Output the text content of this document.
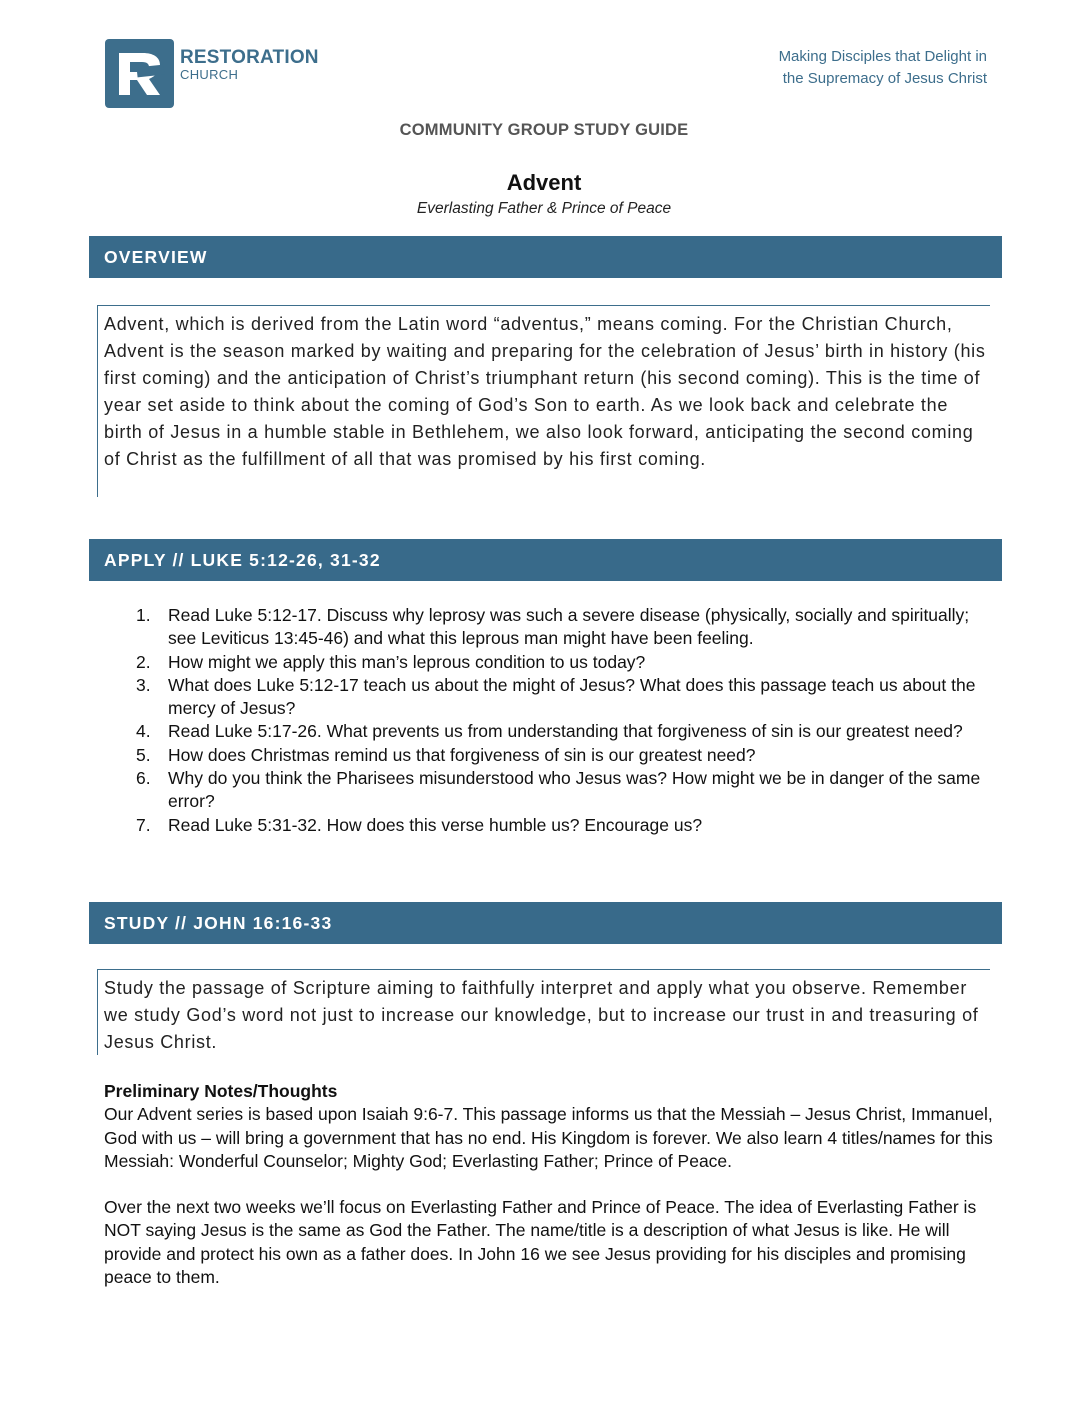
RESTORATION
CHURCH
Making Disciples that Delight in
the Supremacy of Jesus Christ
COMMUNITY GROUP STUDY GUIDE
Advent
Everlasting Father & Prince of Peace
OVERVIEW
Advent, which is derived from the Latin word “adventus,” means coming. For the Christian Church, Advent is the season marked by waiting and preparing for the celebration of Jesus’ birth in history (his first coming) and the anticipation of Christ’s triumphant return (his second coming). This is the time of year set aside to think about the coming of God’s Son to earth. As we look back and celebrate the birth of Jesus in a humble stable in Bethlehem, we also look forward, anticipating the second coming of Christ as the fulfillment of all that was promised by his first coming.
APPLY // LUKE 5:12-26, 31-32
1. Read Luke 5:12-17. Discuss why leprosy was such a severe disease (physically, socially and spiritually; see Leviticus 13:45-46) and what this leprous man might have been feeling.
2. How might we apply this man’s leprous condition to us today?
3. What does Luke 5:12-17 teach us about the might of Jesus? What does this passage teach us about the mercy of Jesus?
4. Read Luke 5:17-26. What prevents us from understanding that forgiveness of sin is our greatest need?
5. How does Christmas remind us that forgiveness of sin is our greatest need?
6. Why do you think the Pharisees misunderstood who Jesus was? How might we be in danger of the same error?
7. Read Luke 5:31-32. How does this verse humble us? Encourage us?
STUDY // JOHN 16:16-33
Study the passage of Scripture aiming to faithfully interpret and apply what you observe. Remember we study God’s word not just to increase our knowledge, but to increase our trust in and treasuring of Jesus Christ.
Preliminary Notes/Thoughts
Our Advent series is based upon Isaiah 9:6-7. This passage informs us that the Messiah – Jesus Christ, Immanuel, God with us – will bring a government that has no end. His Kingdom is forever. We also learn 4 titles/names for this Messiah: Wonderful Counselor; Mighty God; Everlasting Father; Prince of Peace.
Over the next two weeks we’ll focus on Everlasting Father and Prince of Peace. The idea of Everlasting Father is NOT saying Jesus is the same as God the Father. The name/title is a description of what Jesus is like. He will provide and protect his own as a father does. In John 16 we see Jesus providing for his disciples and promising peace to them.
